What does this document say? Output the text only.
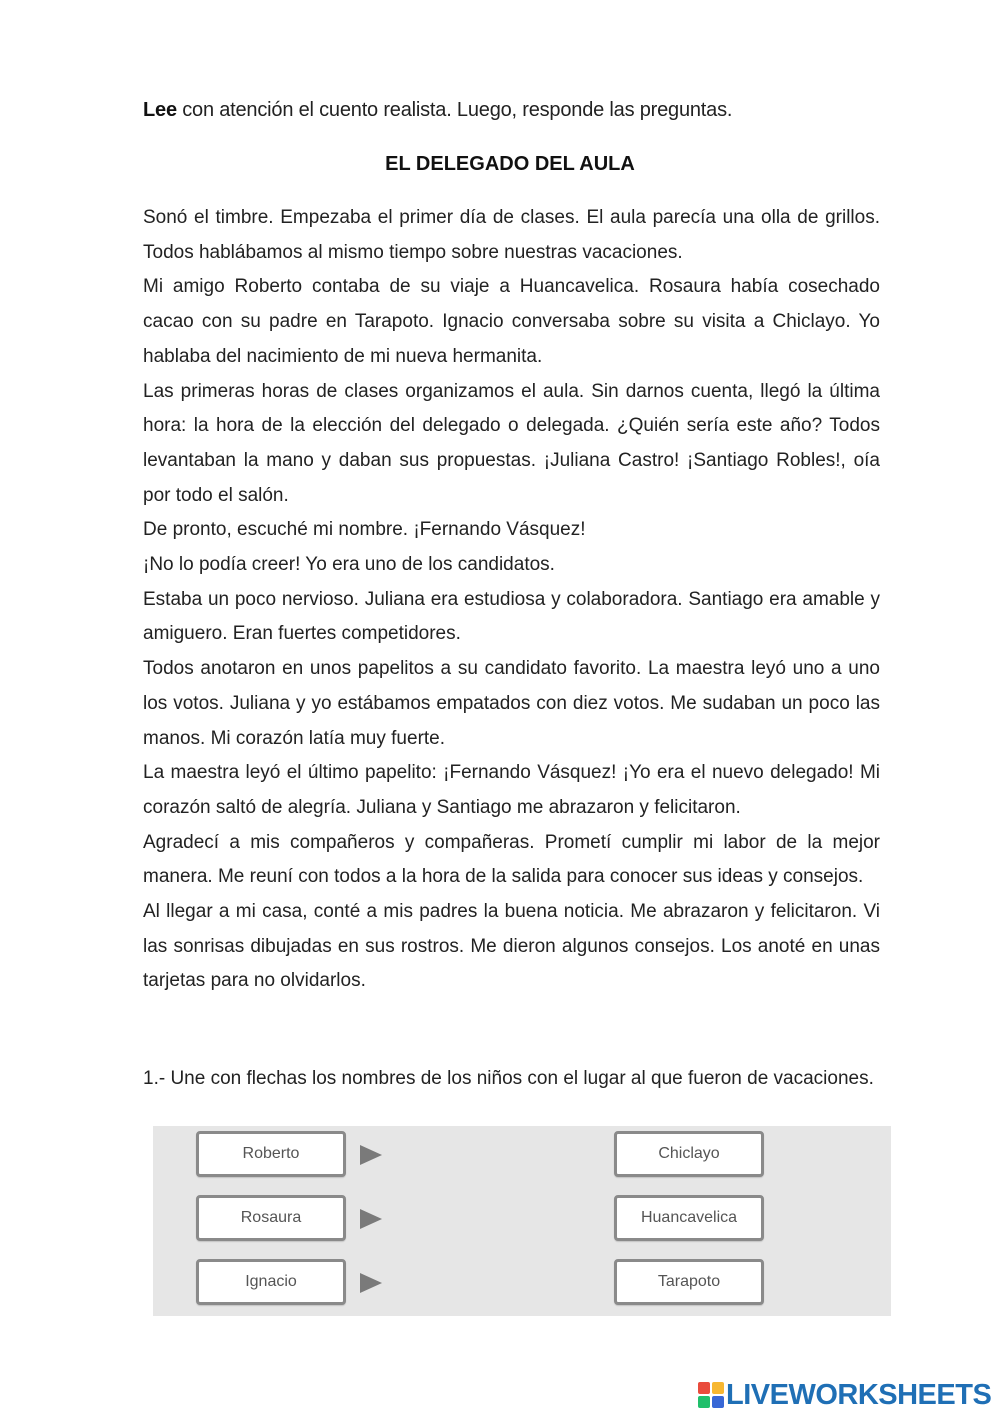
Lee con atención el cuento realista. Luego, responde las preguntas.
EL DELEGADO DEL AULA

Sonó el timbre. Empezaba el primer día de clases. El aula parecía una olla de grillos. Todos hablábamos al mismo tiempo sobre nuestras vacaciones.

Mi amigo Roberto contaba de su viaje a Huancavelica. Rosaura había cosechado cacao con su padre en Tarapoto. Ignacio conversaba sobre su visita a Chiclayo. Yo hablaba del nacimiento de mi nueva hermanita.

Las primeras horas de clases organizamos el aula. Sin darnos cuenta, llegó la última hora: la hora de la elección del delegado o delegada. ¿Quién sería este año? Todos levantaban la mano y daban sus propuestas. ¡Juliana Castro! ¡Santiago Robles!, oía por todo el salón.

De pronto, escuché mi nombre. ¡Fernando Vásquez!

¡No lo podía creer! Yo era uno de los candidatos.

Estaba un poco nervioso. Juliana era estudiosa y colaboradora. Santiago era amable y amiguero. Eran fuertes competidores.

Todos anotaron en unos papelitos a su candidato favorito. La maestra leyó uno a uno los votos. Juliana y yo estábamos empatados con diez votos. Me sudaban un poco las manos. Mi corazón latía muy fuerte.

La maestra leyó el último papelito: ¡Fernando Vásquez! ¡Yo era el nuevo delegado! Mi corazón saltó de alegría. Juliana y Santiago me abrazaron y felicitaron.

Agradecí a mis compañeros y compañeras. Prometí cumplir mi labor de la mejor manera. Me reuní con todos a la hora de la salida para conocer sus ideas y consejos.

Al llegar a mi casa, conté a mis padres la buena noticia. Me abrazaron y felicitaron. Vi las sonrisas dibujadas en sus rostros. Me dieron algunos consejos. Los anoté en unas tarjetas para no olvidarlos.

1.- Une con flechas los nombres de los niños con el lugar al que fueron de vacaciones.
Roberto
Rosaura
Ignacio
Chiclayo
Huancavelica
Tarapoto
LIVEWORKSHEETS
